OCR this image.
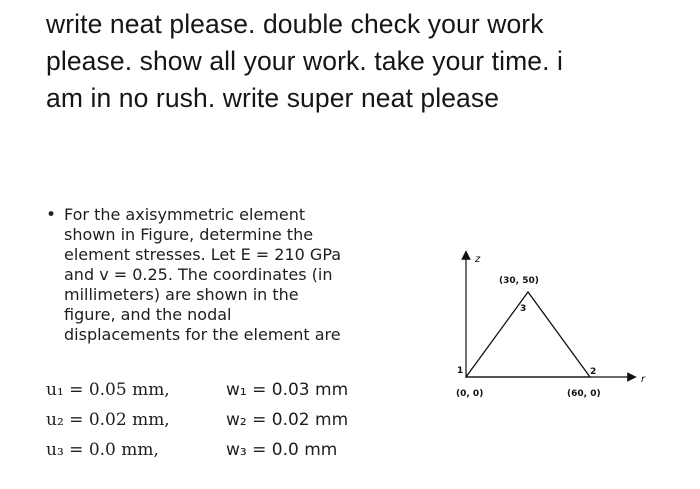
write neat please. double check your work
please. show all your work. take your time. i
am in no rush. write super neat please
• For the axisymmetric element
shown in Figure, determine the
element stresses. Let E = 210 GPa
and v = 0.25. The coordinates (in
millimeters) are shown in the
figure, and the nodal
displacements for the element are
u₁ = 0.05 mm,	w₁ = 0.03 mm
u₂ = 0.02 mm,	w₂ = 0.02 mm
u₃ = 0.0 mm,	w₃ = 0.0 mm
z
r
1	2
3
(0, 0)	(60, 0)
(30, 50)
